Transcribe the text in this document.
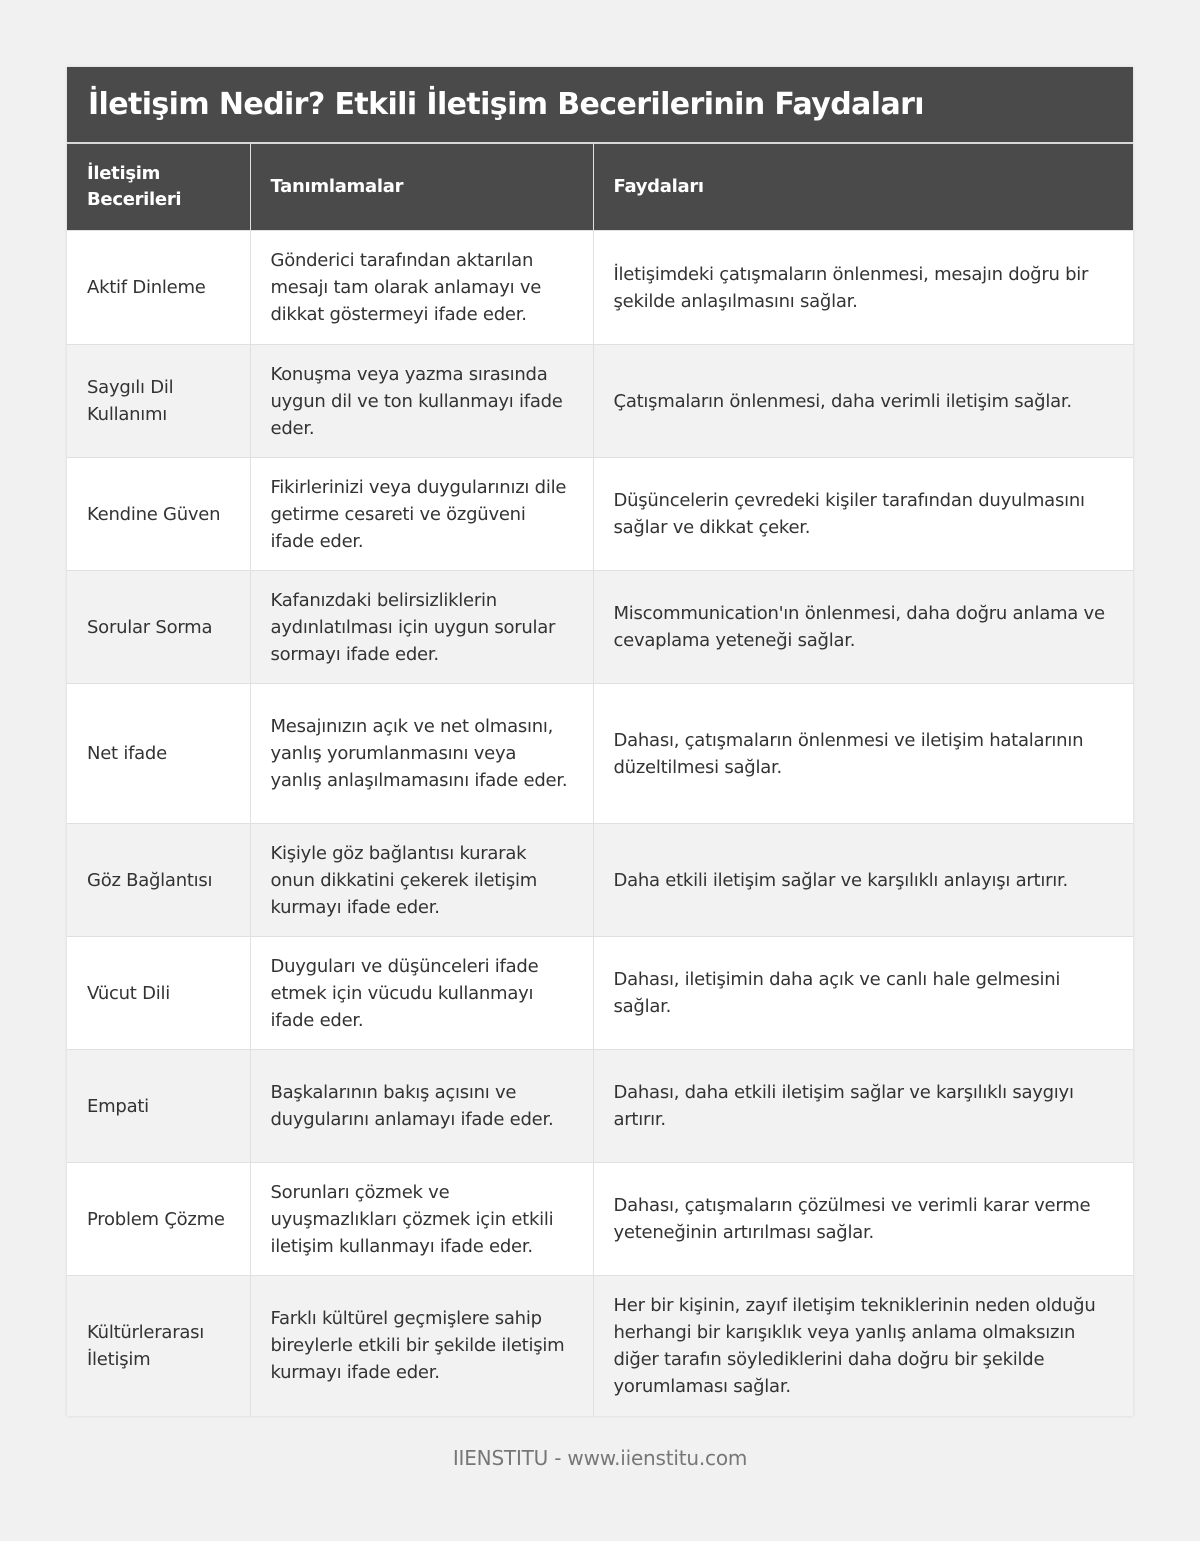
İletişim Nedir? Etkili İletişim Becerilerinin Faydaları
İletişim Becerileri	Tanımlamalar	Faydaları
Aktif Dinleme	Gönderici tarafından aktarılan mesajı tam olarak anlamayı ve dikkat göstermeyi ifade eder.	İletişimdeki çatışmaların önlenmesi, mesajın doğru bir şekilde anlaşılmasını sağlar.
Saygılı Dil Kullanımı	Konuşma veya yazma sırasında uygun dil ve ton kullanmayı ifade eder.	Çatışmaların önlenmesi, daha verimli iletişim sağlar.
Kendine Güven	Fikirlerinizi veya duygularınızı dile getirme cesareti ve özgüveni ifade eder.	Düşüncelerin çevredeki kişiler tarafından duyulmasını sağlar ve dikkat çeker.
Sorular Sorma	Kafanızdaki belirsizliklerin aydınlatılması için uygun sorular sormayı ifade eder.	Miscommunication'ın önlenmesi, daha doğru anlama ve cevaplama yeteneği sağlar.
Net ifade	Mesajınızın açık ve net olmasını, yanlış yorumlanmasını veya yanlış anlaşılmamasını ifade eder.	Dahası, çatışmaların önlenmesi ve iletişim hatalarının düzeltilmesi sağlar.
Göz Bağlantısı	Kişiyle göz bağlantısı kurarak onun dikkatini çekerek iletişim kurmayı ifade eder.	Daha etkili iletişim sağlar ve karşılıklı anlayışı artırır.
Vücut Dili	Duyguları ve düşünceleri ifade etmek için vücudu kullanmayı ifade eder.	Dahası, iletişimin daha açık ve canlı hale gelmesini sağlar.
Empati	Başkalarının bakış açısını ve duygularını anlamayı ifade eder.	Dahası, daha etkili iletişim sağlar ve karşılıklı saygıyı artırır.
Problem Çözme	Sorunları çözmek ve uyuşmazlıkları çözmek için etkili iletişim kullanmayı ifade eder.	Dahası, çatışmaların çözülmesi ve verimli karar verme yeteneğinin artırılması sağlar.
Kültürlerarası İletişim	Farklı kültürel geçmişlere sahip bireylerle etkili bir şekilde iletişim kurmayı ifade eder.	Her bir kişinin, zayıf iletişim tekniklerinin neden olduğu herhangi bir karışıklık veya yanlış anlama olmaksızın diğer tarafın söylediklerini daha doğru bir şekilde yorumlaması sağlar.
IIENSTITU - www.iienstitu.com
